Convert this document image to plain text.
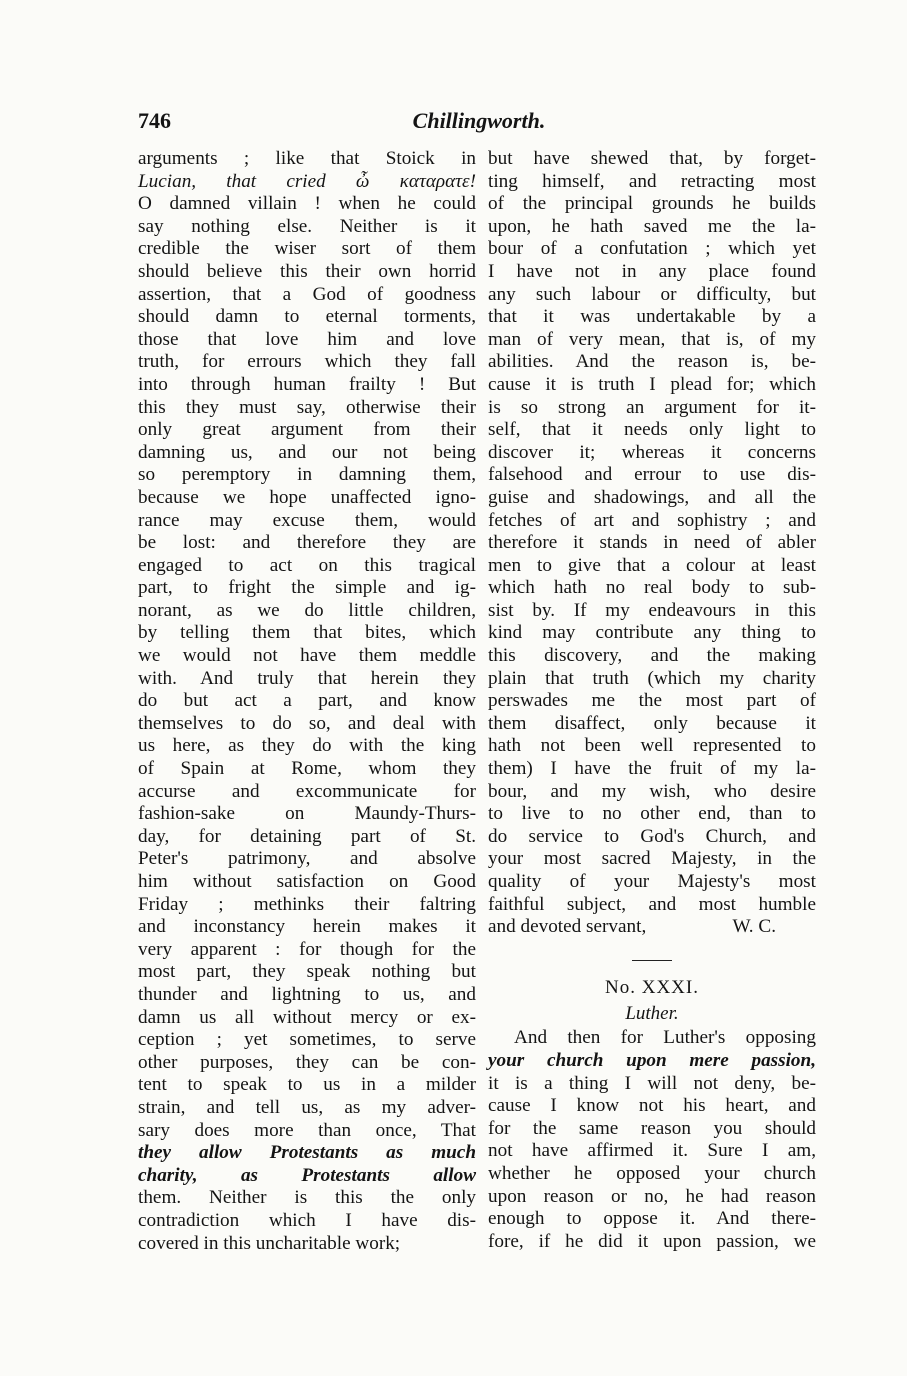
746	Chillingworth.
arguments ; like that Stoick in
Lucian, that cried ὦ καταρατε!
O damned villain ! when he could
say nothing else. Neither is it
credible the wiser sort of them
should believe this their own horrid
assertion, that a God of goodness
should damn to eternal torments,
those that love him and love
truth, for errours which they fall
into through human frailty ! But
this they must say, otherwise their
only great argument from their
damning us, and our not being
so peremptory in damning them,
because we hope unaffected igno-
rance may excuse them, would
be lost: and therefore they are
engaged to act on this tragical
part, to fright the simple and ig-
norant, as we do little children,
by telling them that bites, which
we would not have them meddle
with. And truly that herein they
do but act a part, and know
themselves to do so, and deal with
us here, as they do with the king
of Spain at Rome, whom they
accurse and excommunicate for
fashion-sake on Maundy-Thurs-
day, for detaining part of St.
Peter's patrimony, and absolve
him without satisfaction on Good
Friday ; methinks their faltring
and inconstancy herein makes it
very apparent : for though for the
most part, they speak nothing but
thunder and lightning to us, and
damn us all without mercy or ex-
ception ; yet sometimes, to serve
other purposes, they can be con-
tent to speak to us in a milder
strain, and tell us, as my adver-
sary does more than once, That
they allow Protestants as much
charity, as Protestants allow
them. Neither is this the only
contradiction which I have dis-
covered in this uncharitable work;
but have shewed that, by forget-
ting himself, and retracting most
of the principal grounds he builds
upon, he hath saved me the la-
bour of a confutation ; which yet
I have not in any place found
any such labour or difficulty, but
that it was undertakable by a
man of very mean, that is, of my
abilities. And the reason is, be-
cause it is truth I plead for; which
is so strong an argument for it-
self, that it needs only light to
discover it; whereas it concerns
falsehood and errour to use dis-
guise and shadowings, and all the
fetches of art and sophistry ; and
therefore it stands in need of abler
men to give that a colour at least
which hath no real body to sub-
sist by. If my endeavours in this
kind may contribute any thing to
this discovery, and the making
plain that truth (which my charity
perswades me the most part of
them disaffect, only because it
hath not been well represented to
them) I have the fruit of my la-
bour, and my wish, who desire
to live to no other end, than to
do service to God's Church, and
your most sacred Majesty, in the
quality of your Majesty's most
faithful subject, and most humble
and devoted servant,	W. C.
No. XXXI.
Luther.
And then for Luther's opposing
your church upon mere passion,
it is a thing I will not deny, be-
cause I know not his heart, and
for the same reason you should
not have affirmed it. Sure I am,
whether he opposed your church
upon reason or no, he had reason
enough to oppose it. And there-
fore, if he did it upon passion, we
